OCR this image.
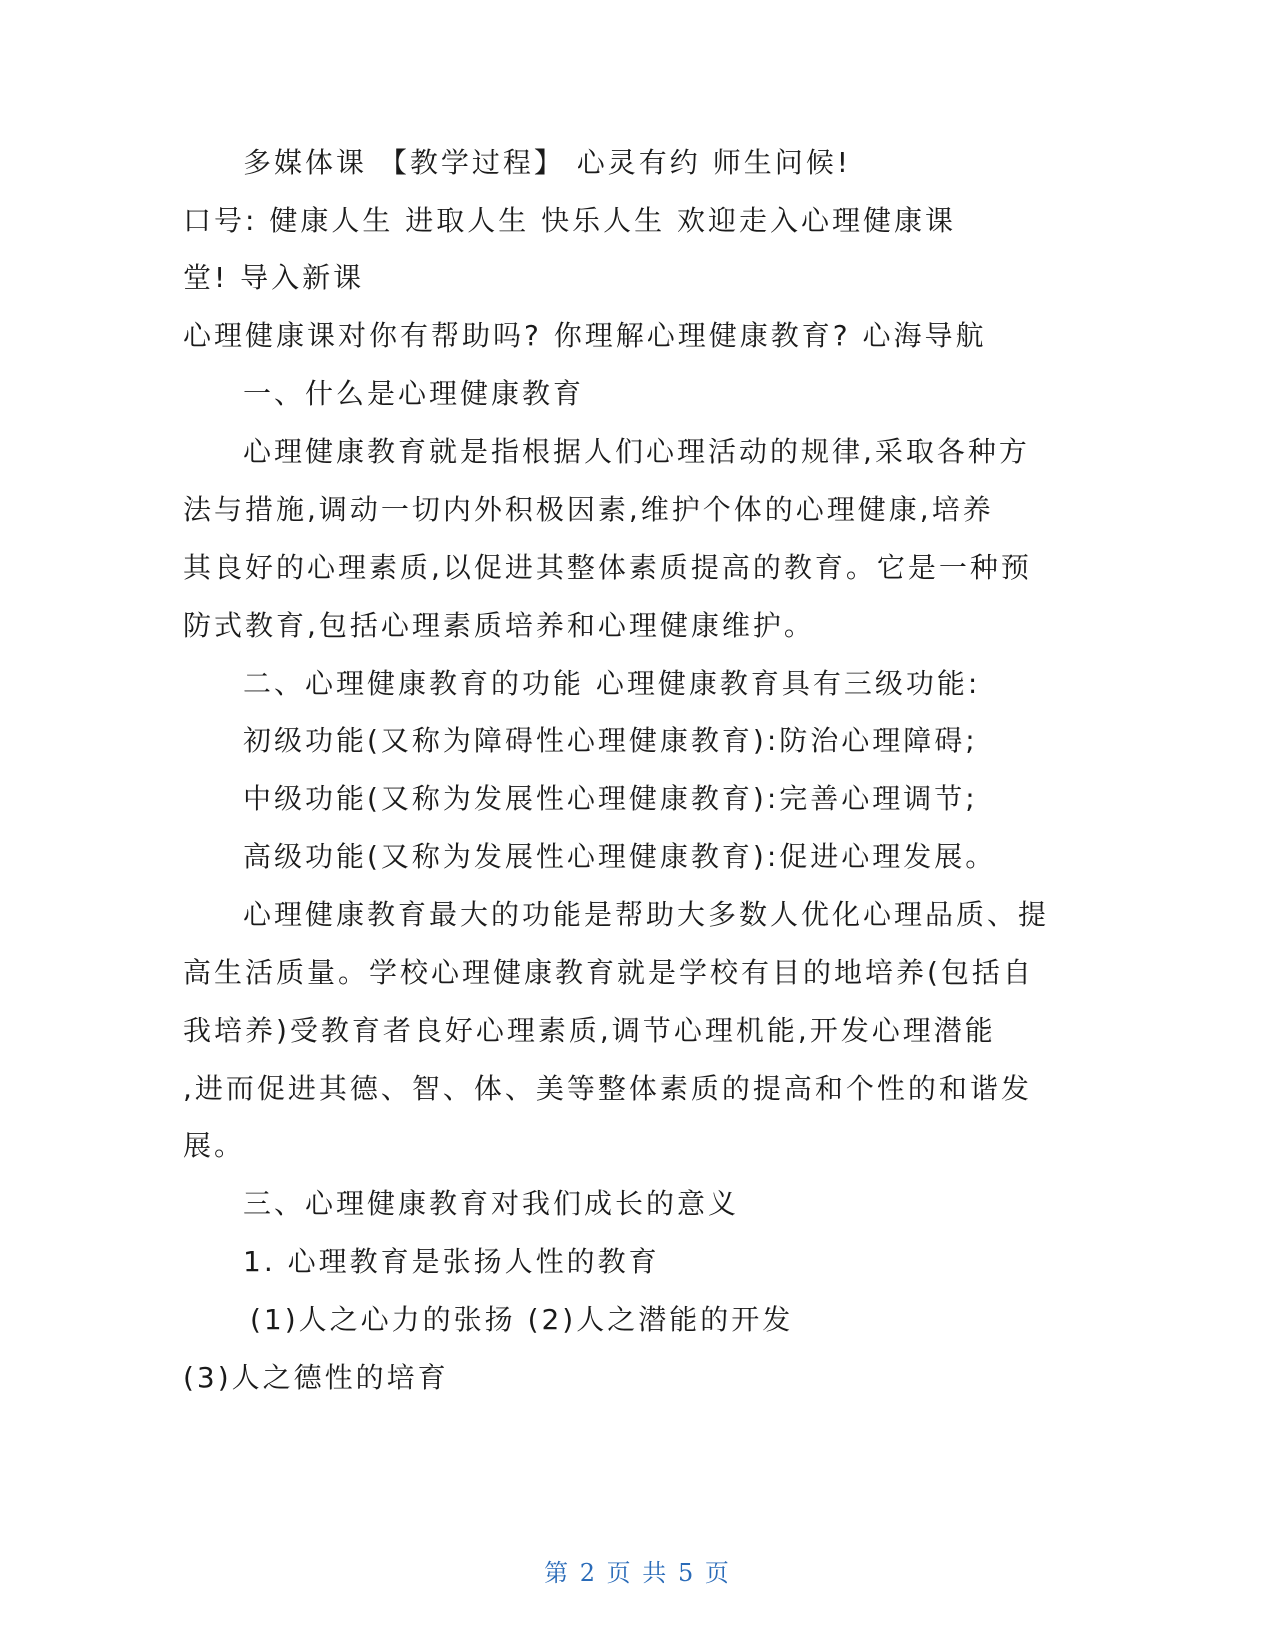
多媒体课 【教学过程】 心灵有约 师生问候!
口号: 健康人生 进取人生 快乐人生 欢迎走入心理健康课
堂! 导入新课
心理健康课对你有帮助吗? 你理解心理健康教育? 心海导航
一、什么是心理健康教育
心理健康教育就是指根据人们心理活动的规律,采取各种方
法与措施,调动一切内外积极因素,维护个体的心理健康,培养
其良好的心理素质,以促进其整体素质提高的教育。它是一种预
防式教育,包括心理素质培养和心理健康维护。
二、心理健康教育的功能 心理健康教育具有三级功能:
初级功能(又称为障碍性心理健康教育):防治心理障碍;
中级功能(又称为发展性心理健康教育):完善心理调节;
高级功能(又称为发展性心理健康教育):促进心理发展。
心理健康教育最大的功能是帮助大多数人优化心理品质、提
高生活质量。学校心理健康教育就是学校有目的地培养(包括自
我培养)受教育者良好心理素质,调节心理机能,开发心理潜能
,进而促进其德、智、体、美等整体素质的提高和个性的和谐发
展。
三、心理健康教育对我们成长的意义
1. 心理教育是张扬人性的教育
(1)人之心力的张扬 (2)人之潜能的开发
(3)人之德性的培育
第 2 页 共 5 页
